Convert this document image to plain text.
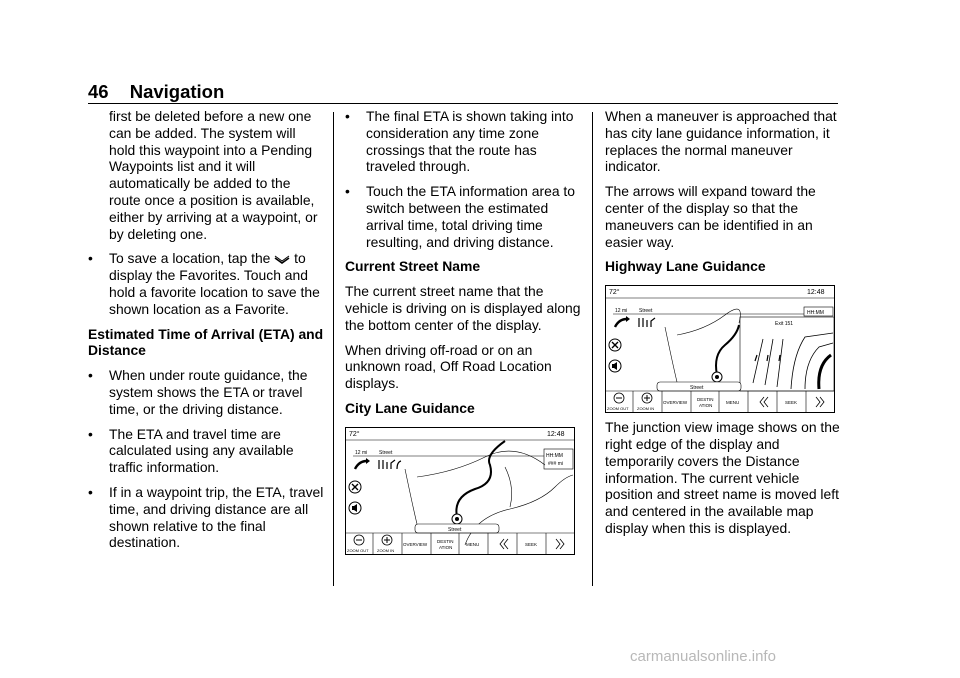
46 Navigation

first be deleted before a new one can be added. The system will hold this waypoint into a Pending Waypoints list and it will automatically be added to the route once a position is available, either by arriving at a waypoint, or by deleting one.

• To save a location, tap the to display the Favorites. Touch and hold a favorite location to save the shown location as a Favorite.
Estimated Time of Arrival (ETA) and Distance
• When under route guidance, the system shows the ETA or travel time, or the driving distance.
• The ETA and travel time are calculated using any available traffic information.
• If in a waypoint trip, the ETA, travel time, and driving distance are all shown relative to the final destination.
• The final ETA is shown taking into consideration any time zone crossings that the route has traveled through.
• Touch the ETA information area to switch between the estimated arrival time, total driving time resulting, and driving distance.
Current Street Name

The current street name that the vehicle is driving on is displayed along the bottom center of the display.

When driving off-road or on an unknown road, Off Road Location displays.

City Lane Guidance
72°	12:48
12 mi Street	HH:MM
### mi
Street
ZOOM OUT ZOOM IN
OVERVIEW
DESTIN
ATION
MENU	SEEK

When a maneuver is approached that has city lane guidance information, it replaces the normal maneuver indicator.

The arrows will expand toward the center of the display so that the maneuvers can be identified in an easier way.

Highway Lane Guidance
72°	12:48
12 mi Street	HH:MM
Exit 151
Street
ZOOM OUT ZOOM IN
OVERVIEW
DESTIN
ATION
MENU	SEEK

The junction view image shows on the right edge of the display and temporarily covers the Distance information. The current vehicle position and street name is moved left and centered in the available map display when this is displayed.

carmanualsonline.info
